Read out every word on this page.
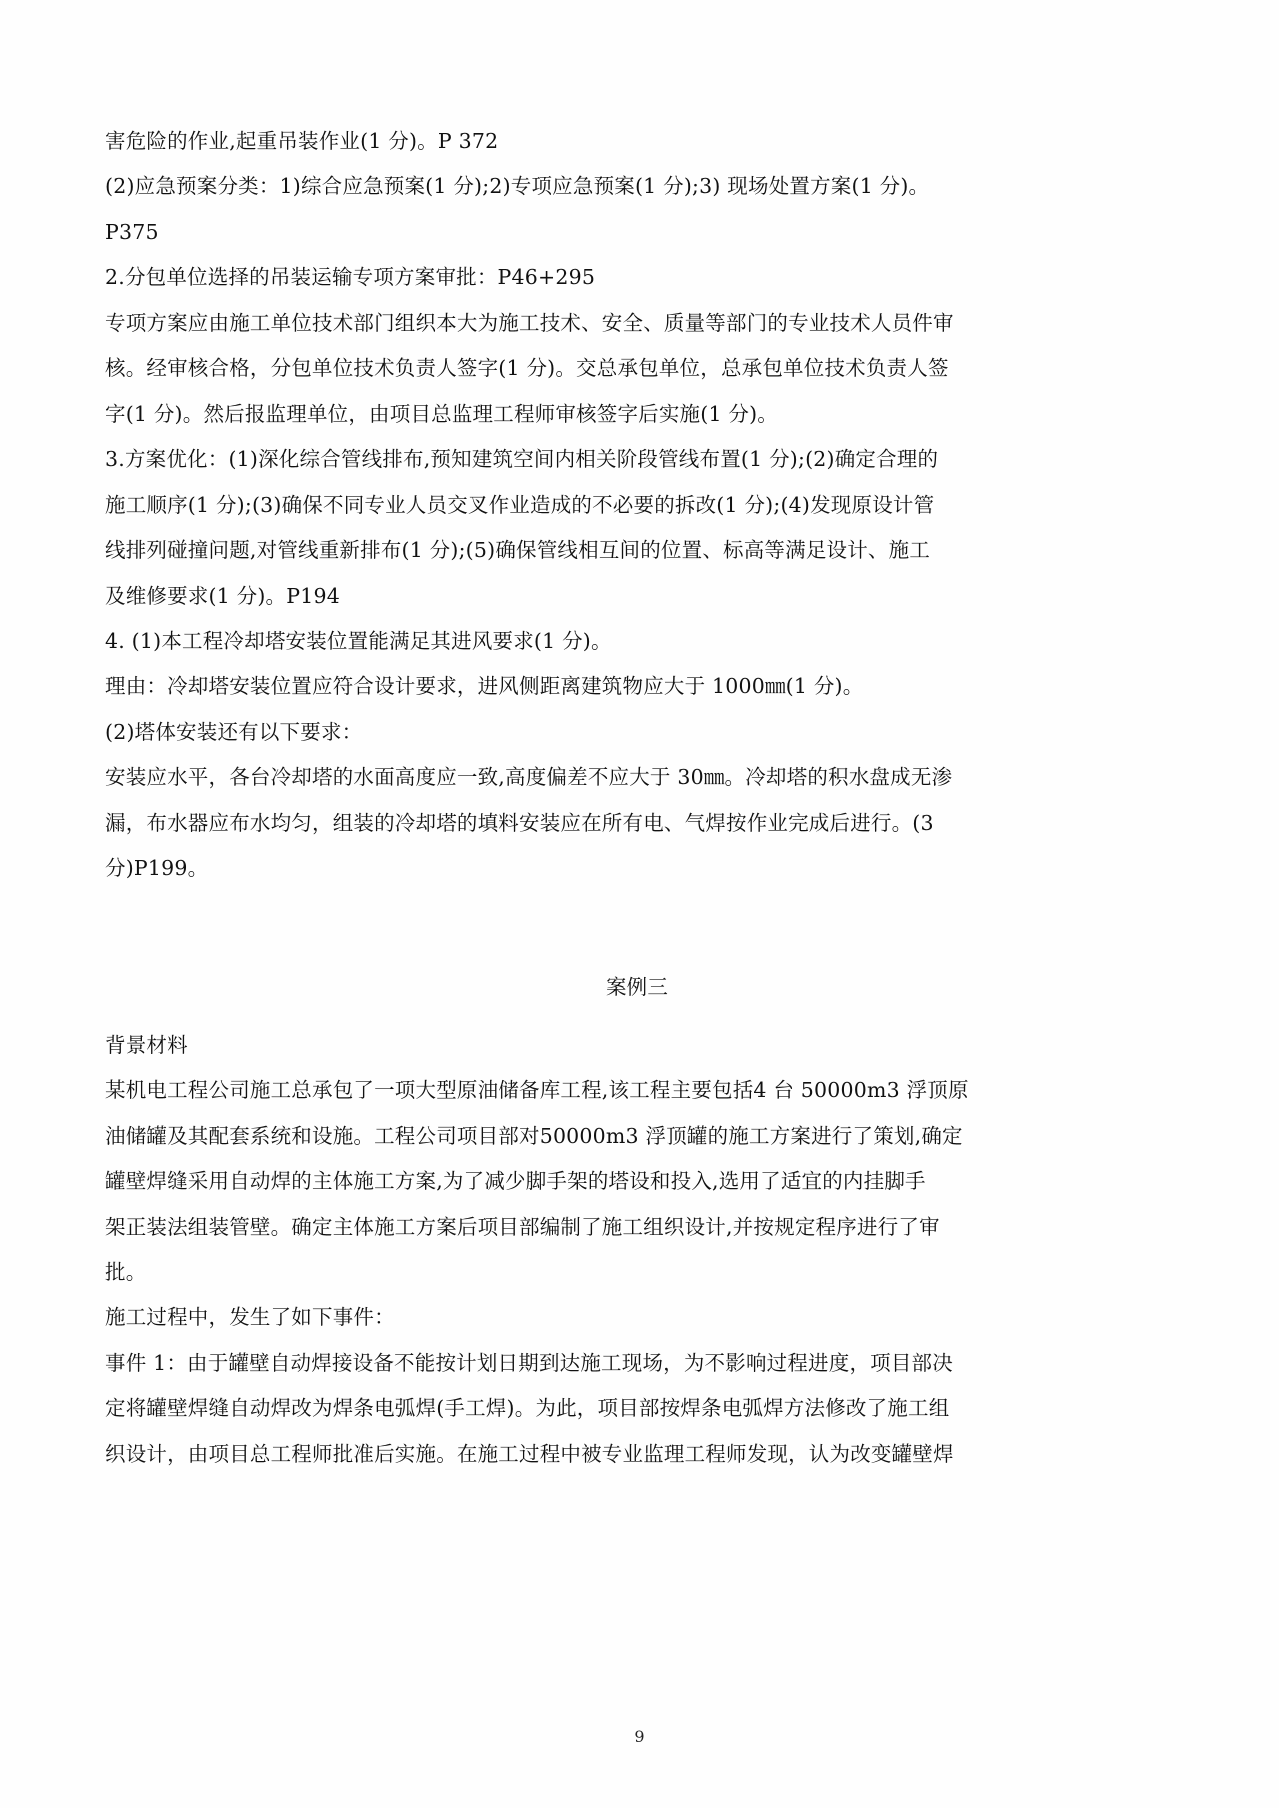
害危险的作业,起重吊装作业(1 分)。P 372

(2)应急预案分类：1)综合应急预案(1 分);2)专项应急预案(1 分);3) 现场处置方案(1 分)。

P375

2.分包单位选择的吊装运输专项方案审批：P46+295

专项方案应由施工单位技术部门组织本大为施工技术、安全、质量等部门的专业技术人员件审

核。经审核合格，分包单位技术负责人签字(1 分)。交总承包单位，总承包单位技术负责人签

字(1 分)。然后报监理单位，由项目总监理工程师审核签字后实施(1 分)。

3.方案优化：(1)深化综合管线排布,预知建筑空间内相关阶段管线布置(1 分);(2)确定合理的

施工顺序(1 分);(3)确保不同专业人员交叉作业造成的不必要的拆改(1 分);(4)发现原设计管

线排列碰撞问题,对管线重新排布(1 分);(5)确保管线相互间的位置、标高等满足设计、施工

及维修要求(1 分)。P194

4. (1)本工程冷却塔安装位置能满足其进风要求(1 分)。

理由：冷却塔安装位置应符合设计要求，进风侧距离建筑物应大于 1000㎜(1 分)。

(2)塔体安装还有以下要求：

安装应水平，各台冷却塔的水面高度应一致,高度偏差不应大于 30㎜。冷却塔的积水盘成无渗

漏，布水器应布水均匀，组装的冷却塔的填料安装应在所有电、气焊按作业完成后进行。(3

分)P199。

案例三

背景材料

某机电工程公司施工总承包了一项大型原油储备库工程,该工程主要包括4 台 50000m3 浮顶原

油储罐及其配套系统和设施。工程公司项目部对50000m3 浮顶罐的施工方案进行了策划,确定

罐壁焊缝采用自动焊的主体施工方案,为了减少脚手架的塔设和投入,选用了适宜的内挂脚手

架正装法组装管壁。确定主体施工方案后项目部编制了施工组织设计,并按规定程序进行了审

批。

施工过程中，发生了如下事件：

事件 1：由于罐壁自动焊接设备不能按计划日期到达施工现场，为不影响过程进度，项目部决

定将罐壁焊缝自动焊改为焊条电弧焊(手工焊)。为此，项目部按焊条电弧焊方法修改了施工组

织设计，由项目总工程师批准后实施。在施工过程中被专业监理工程师发现，认为改变罐壁焊

9
